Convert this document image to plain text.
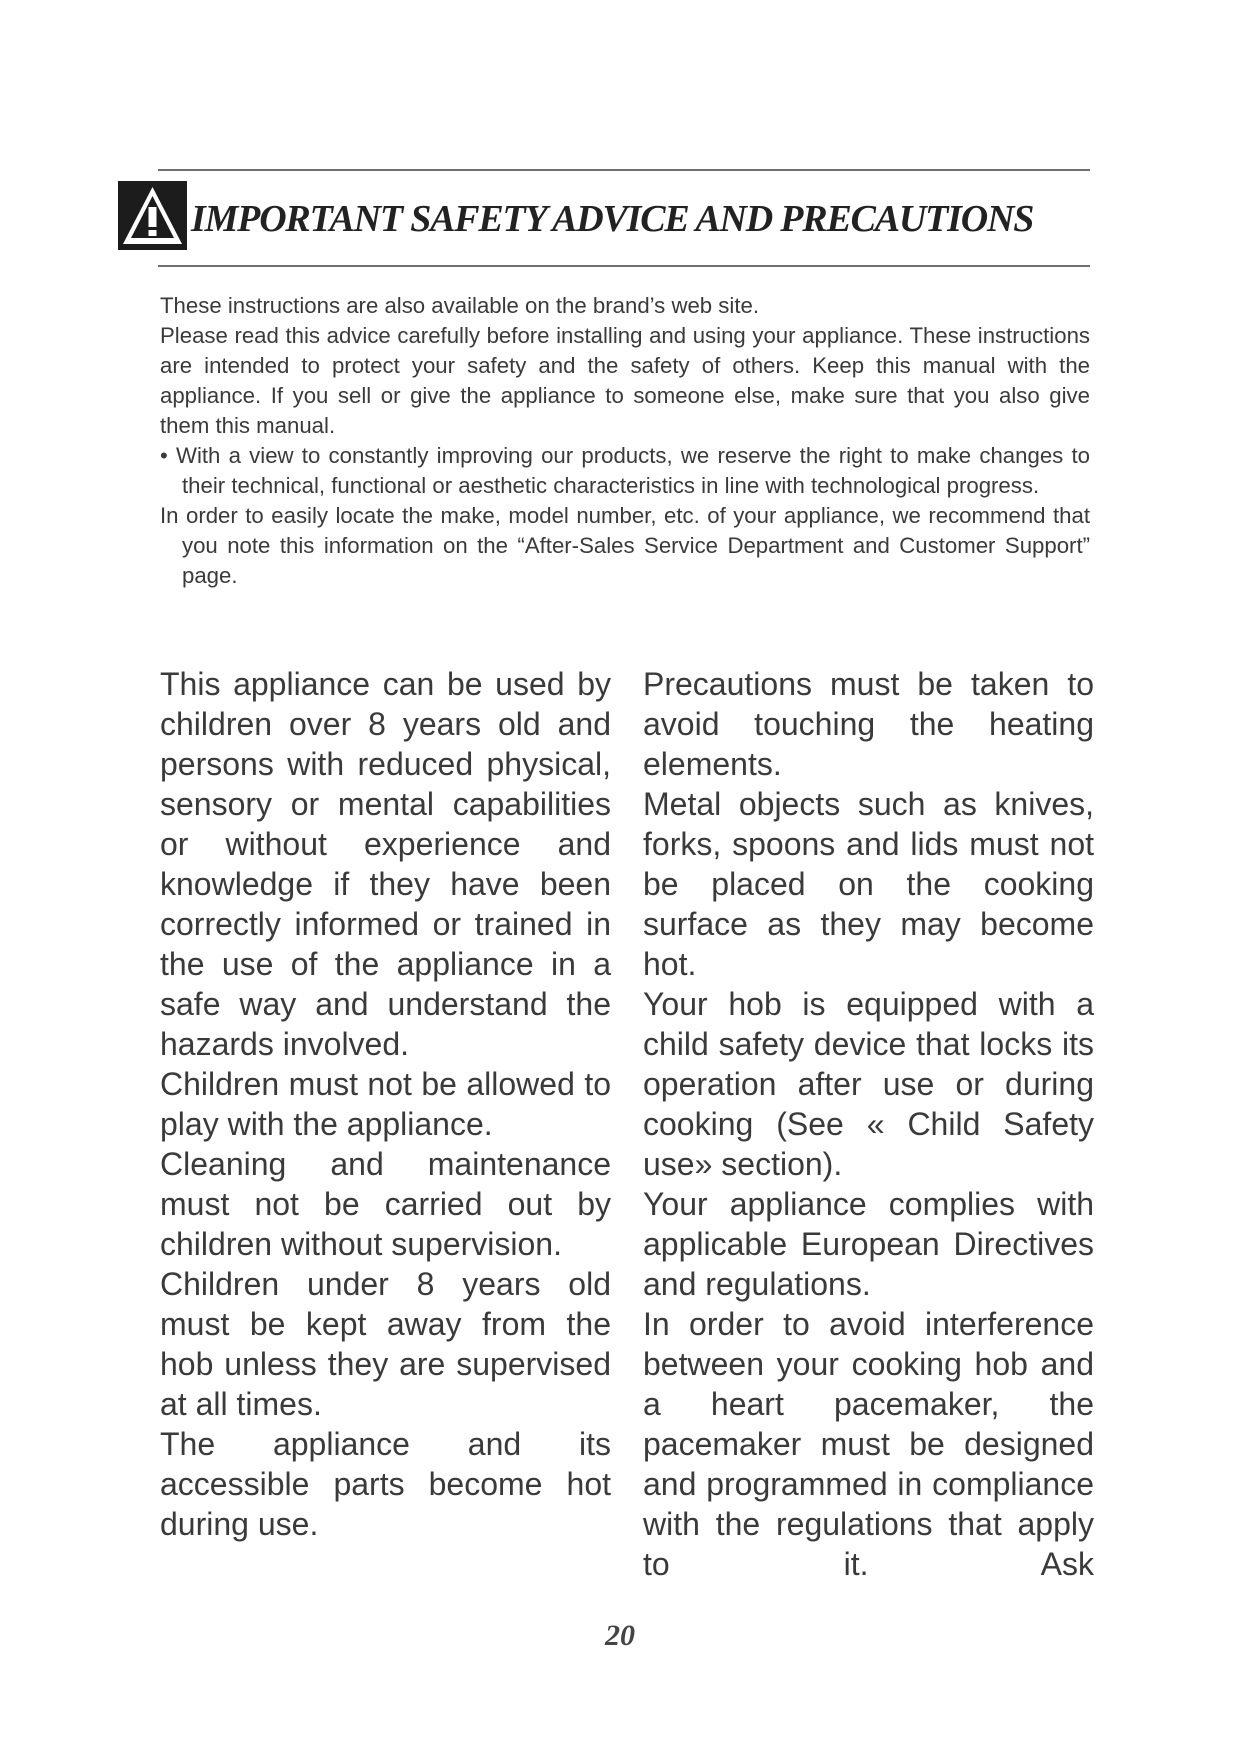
IMPORTANT SAFETY ADVICE AND PRECAUTIONS

These instructions are also available on the brand’s web site.

Please read this advice carefully before installing and using your appliance. These instructions are intended to protect your safety and the safety of others. Keep this manual with the appliance. If you sell or give the appliance to someone else, make sure that you also give them this manual.

• With a view to constantly improving our products, we reserve the right to make changes to their technical, functional or aesthetic characteristics in line with technological progress.

In order to easily locate the make, model number, etc. of your appliance, we recommend that you note this information on the “After-Sales Service Department and Customer Support” page.

This appliance can be used by children over 8 years old and persons with reduced physical, sensory or mental capabilities or without experience and knowledge if they have been correctly informed or trained in the use of the appliance in a safe way and understand the hazards involved.

Children must not be allowed to play with the appliance.

Cleaning and maintenance must not be carried out by children without supervision.

Children under 8 years old must be kept away from the hob unless they are supervised at all times.

The appliance and its accessible parts become hot during use.

Precautions must be taken to avoid touching the heating elements.

Metal objects such as knives, forks, spoons and lids must not be placed on the cooking surface as they may become hot.

Your hob is equipped with a child safety device that locks its operation after use or during cooking (See « Child Safety use» section).

Your appliance complies with applicable European Directives and regulations.

In order to avoid interference between your cooking hob and a heart pacemaker, the pacemaker must be designed and programmed in compliance with the regulations that apply to it. Ask

20
